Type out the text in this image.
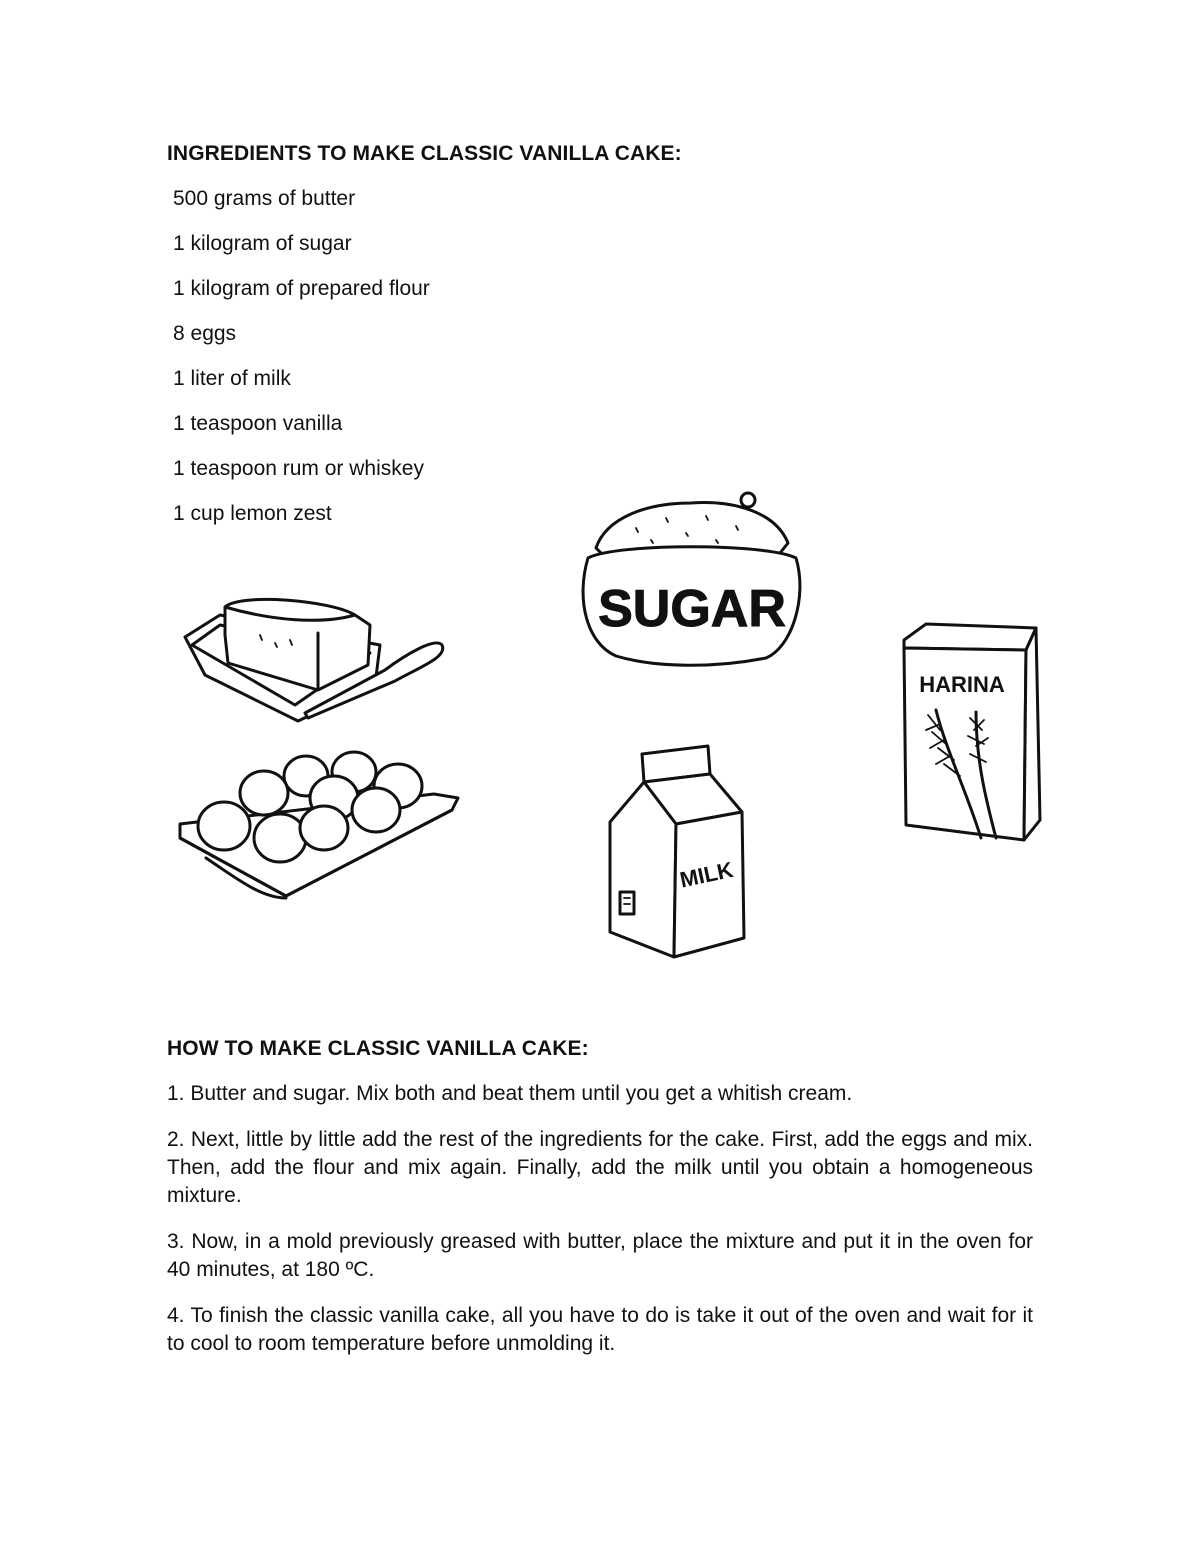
INGREDIENTS TO MAKE CLASSIC VANILLA CAKE:
500 grams of butter
1 kilogram of sugar
1 kilogram of prepared flour
8 eggs
1 liter of milk
1 teaspoon vanilla
1 teaspoon rum or whiskey
1 cup lemon zest
SUGAR
HARINA
MILK
HOW TO MAKE CLASSIC VANILLA CAKE:

1. Butter and sugar. Mix both and beat them until you get a whitish cream.

2. Next, little by little add the rest of the ingredients for the cake. First, add the eggs and mix. Then, add the flour and mix again. Finally, add the milk until you obtain a homogeneous mixture.

3. Now, in a mold previously greased with butter, place the mixture and put it in the oven for 40 minutes, at 180 ºC.

4. To finish the classic vanilla cake, all you have to do is take it out of the oven and wait for it to cool to room temperature before unmolding it.
